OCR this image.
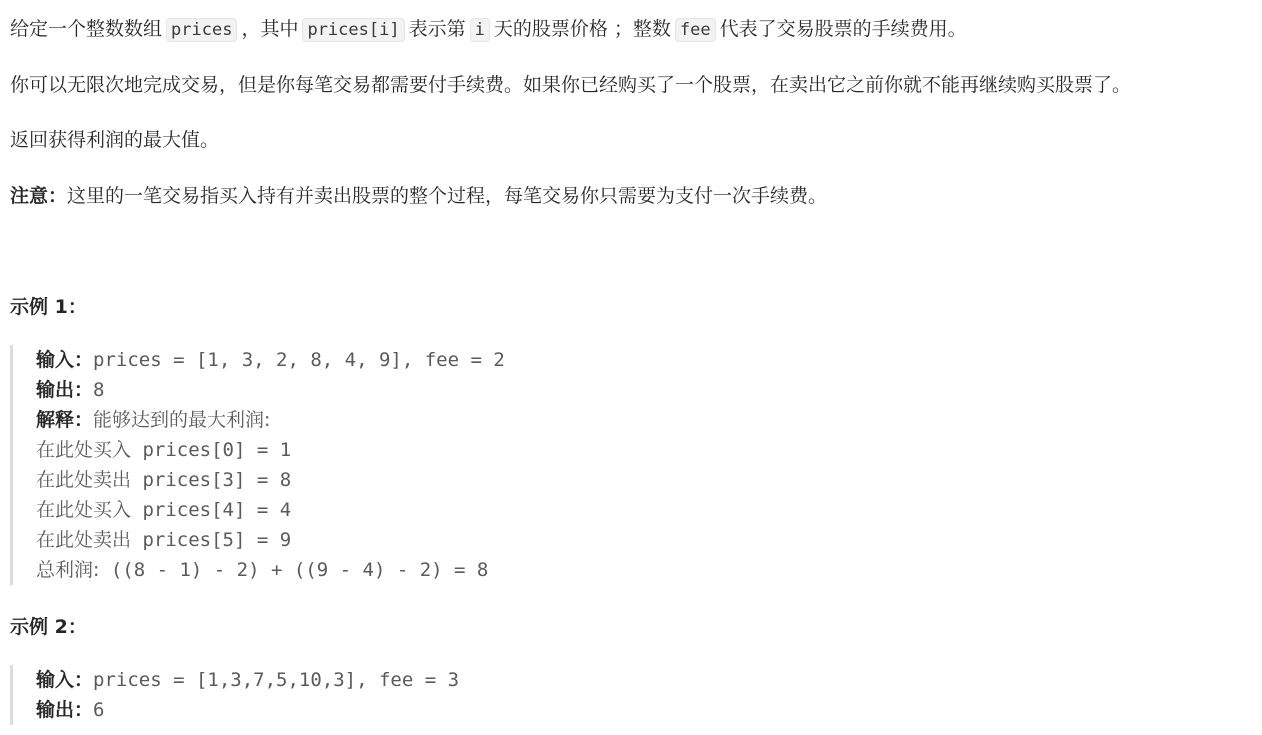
给定一个整数数组 prices ，其中 prices[i] 表示第 i 天的股票价格 ；整数 fee 代表了交易股票的手续费用。
你可以无限次地完成交易，但是你每笔交易都需要付手续费。如果你已经购买了一个股票，在卖出它之前你就不能再继续购买股票了。
返回获得利润的最大值。
注意：这里的一笔交易指买入持有并卖出股票的整个过程，每笔交易你只需要为支付一次手续费。
示例 1：
输入：prices = [1, 3, 2, 8, 4, 9], fee = 2
输出：8
解释：能够达到的最大利润:
在此处买入 prices[0] = 1
在此处卖出 prices[3] = 8
在此处买入 prices[4] = 4
在此处卖出 prices[5] = 9
总利润: ((8 - 1) - 2) + ((9 - 4) - 2) = 8
示例 2：
输入：prices = [1,3,7,5,10,3], fee = 3
输出：6
